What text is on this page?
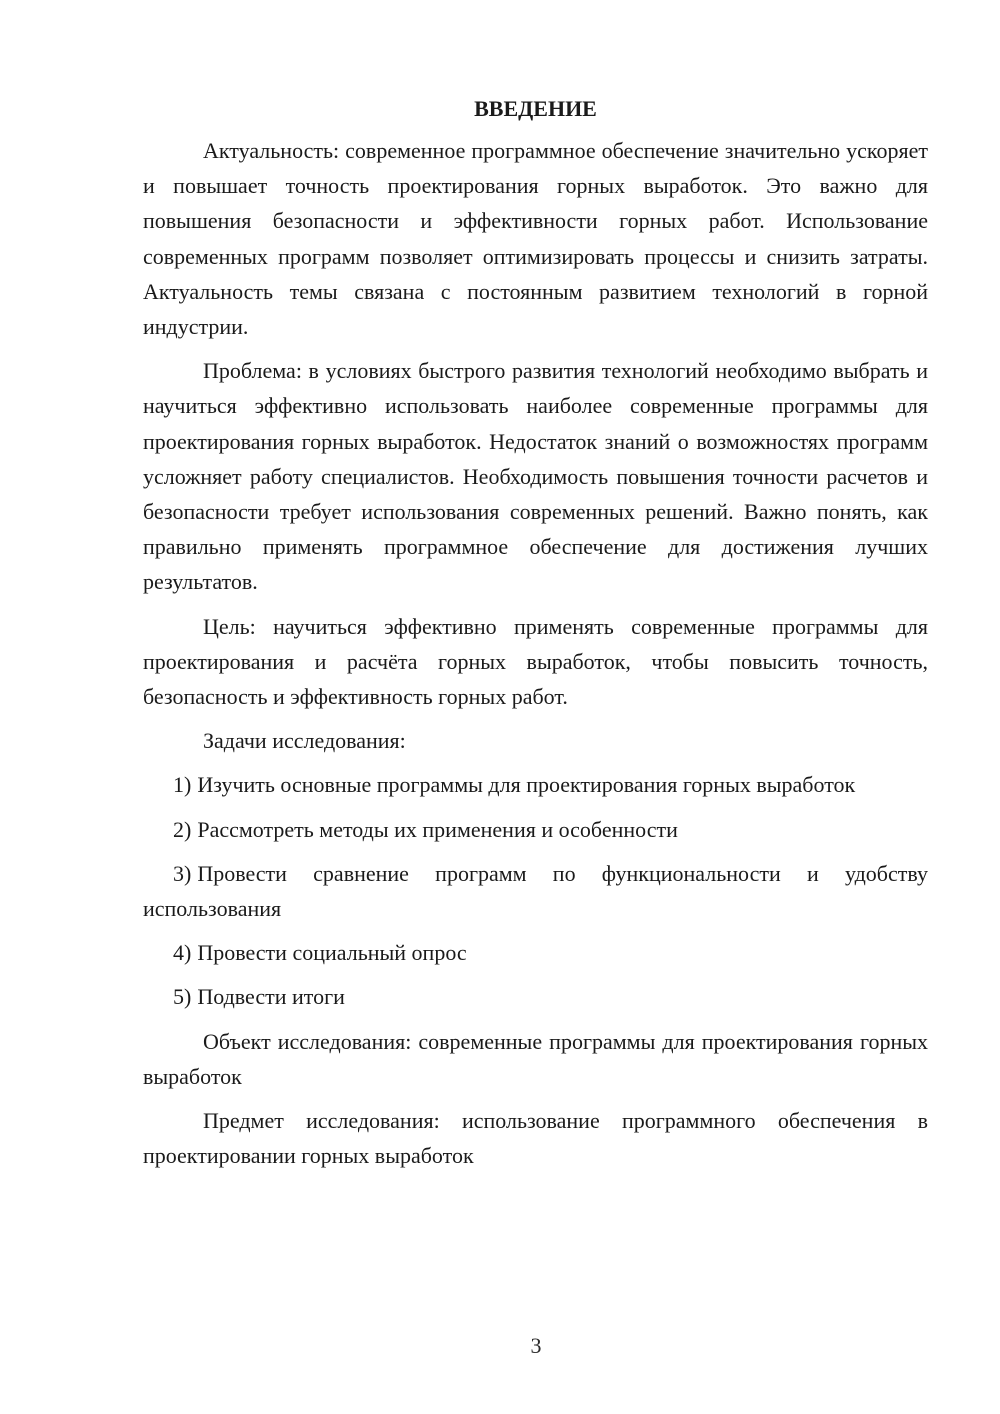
ВВЕДЕНИЕ

Актуальность: современное программное обеспечение значительно ускоряет и повышает точность проектирования горных выработок. Это важно для повышения безопасности и эффективности горных работ. Использование современных программ позволяет оптимизировать процессы и снизить затраты. Актуальность темы связана с постоянным развитием технологий в горной индустрии.

Проблема: в условиях быстрого развития технологий необходимо выбрать и научиться эффективно использовать наиболее современные программы для проектирования горных выработок. Недостаток знаний о возможностях программ усложняет работу специалистов. Необходимость повышения точности расчетов и безопасности требует использования современных решений. Важно понять, как правильно применять программное обеспечение для достижения лучших результатов.

Цель: научиться эффективно применять современные программы для проектирования и расчёта горных выработок, чтобы повысить точность, безопасность и эффективность горных работ.

Задачи исследования:

1) Изучить основные программы для проектирования горных выработок
2) Рассмотреть методы их применения и особенности
3) Провести сравнение программ по функциональности и удобству использования
4) Провести социальный опрос
5) Подвести итоги

Объект исследования: современные программы для проектирования горных выработок

Предмет исследования: использование программного обеспечения в проектировании горных выработок

3
